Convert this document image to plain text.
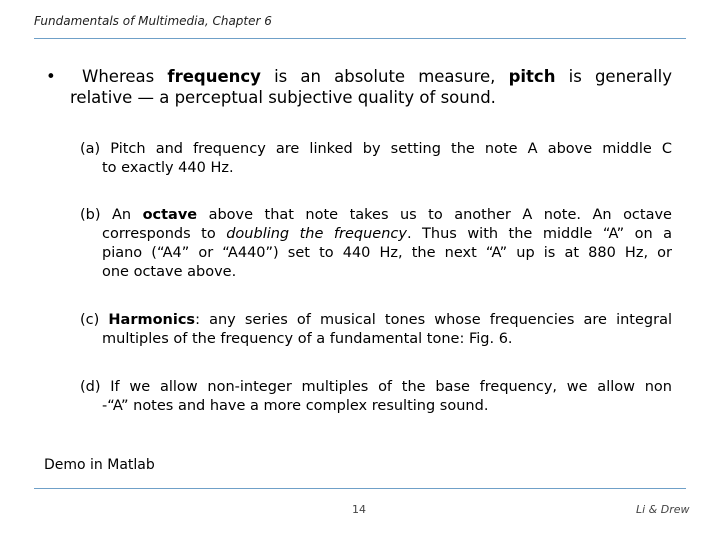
Fundamentals of Multimedia, Chapter 6
• Whereas frequency is an absolute measure, pitch is generally
relative — a perceptual subjective quality of sound.
(a) Pitch and frequency are linked by setting the note A above middle C
to exactly 440 Hz.
(b) An octave above that note takes us to another A note. An octave
corresponds to doubling the frequency. Thus with the middle “A” on a
piano (“A4” or “A440”) set to 440 Hz, the next “A” up is at 880 Hz, or
one octave above.
(c) Harmonics: any series of musical tones whose frequencies are integral
multiples of the frequency of a fundamental tone: Fig. 6.
(d) If we allow non-integer multiples of the base frequency, we allow non
-“A” notes and have a more complex resulting sound.
Demo in Matlab
14	Li & Drew
